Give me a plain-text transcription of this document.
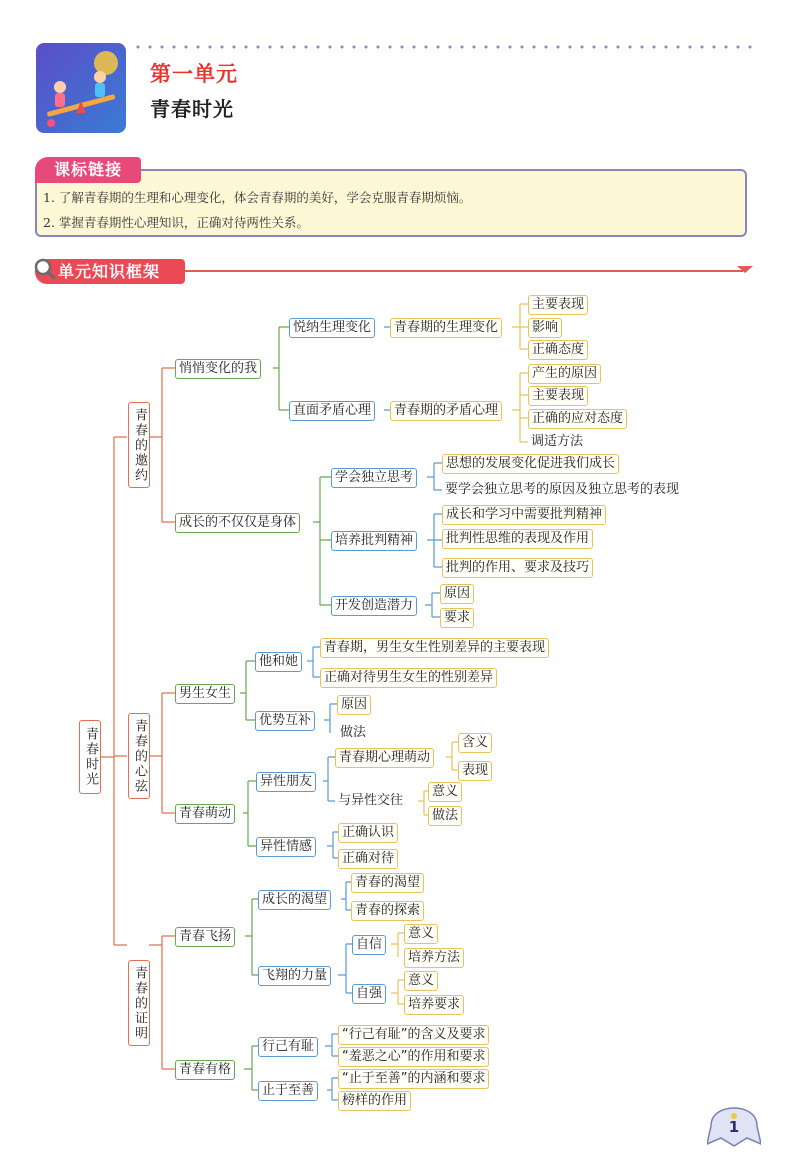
第一单元
青春时光
课标链接
1. 了解青春期的生理和心理变化，体会青春期的美好，学会克服青春期烦恼。
2. 掌握青春期性心理知识，正确对待两性关系。
单元知识框架
青春时光
青春的邀约
青春的心弦
青春的证明
悄悄变化的我
成长的不仅仅是身体
男生女生
青春萌动
青春飞扬
青春有格
悦纳生理变化
直面矛盾心理
学会独立思考
培养批判精神
开发创造潜力
他和她
优势互补
异性朋友
异性情感
成长的渴望
飞翔的力量
行己有耻
止于至善
青春期的生理变化
青春期的矛盾心理
思想的发展变化促进我们成长
要学会独立思考的原因及独立思考的表现
成长和学习中需要批判精神
批判性思维的表现及作用
批判的作用、要求及技巧
原因
要求
青春期，男生女生性别差异的主要表现
正确对待男生女生的性别差异
原因
做法
青春期心理萌动
与异性交往
正确认识
正确对待
青春的渴望
青春的探索
自信
自强
“行己有耻”的含义及要求
“羞恶之心”的作用和要求
“止于至善”的内涵和要求
榜样的作用
主要表现
影响
正确态度
产生的原因
主要表现
正确的应对态度
调适方法
含义
表现
意义
做法
意义
培养方法
意义
培养要求
1
